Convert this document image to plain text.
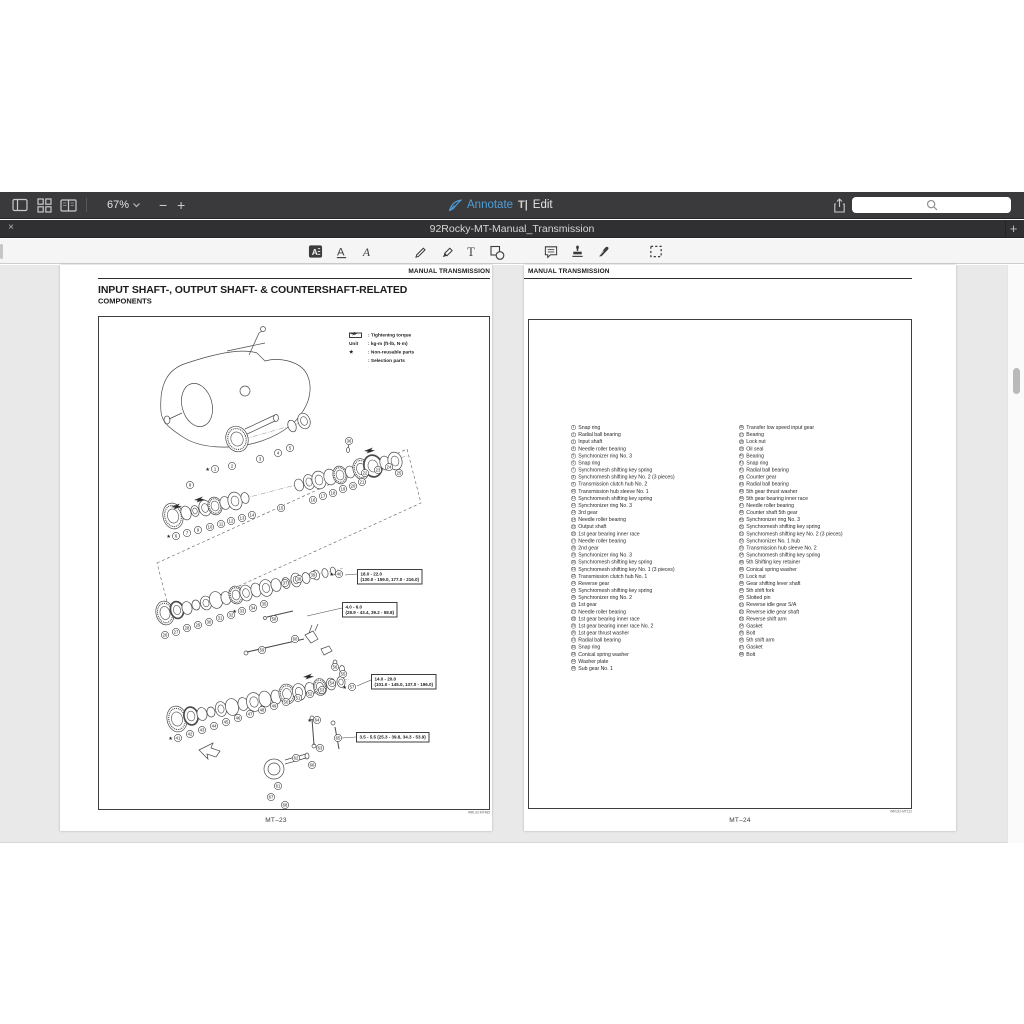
67%	− +	Annotate T| Edit
×	92Rocky-MT-Manual_Transmission	+
A A A	T
MANUAL TRANSMISSION
INPUT SHAFT-, OUTPUT SHAFT- & COUNTERSHAFT-RELATED
COMPONENTS
1
★
2
3
4
5
6
★
7
8
9
10
11
12
13
14
15
16
17
18
19
20
21
22
23
24
25
26
27
28
29
30
31
32
33
★
34
35
36
37
38
39	40
★
41
★
42
43
44
45
46
47
48
49
50
51
52
53
54
55
56
57
★
58
59
60
61
62
63
64
★
65
66
67
68
: Tightening torque
Unit	: kg-m (ft-lb, N·m)
★	: Non-reusable parts
: Selection parts
18.0 - 22.0
(130.0 - 159.0, 177.0 - 216.0)
4.0 - 6.0
(28.9 - 43.4, 39.2 - 58.8)
14.0 - 20.0
(101.0 - 145.0, 137.0 - 196.0)
3.5 - 5.5 (25.3 - 39.8, 34.3 - 53.9)
WRL92-MT485
MT–23
MANUAL TRANSMISSION
1 Snap ring
2 Radial ball bearing
3 Input shaft
4 Needle roller bearing
5 Synchronizer ring No. 3
6 Snap ring
7 Synchromesh shifting key spring
8 Synchromesh shifting key No. 2 (3 pieces)
9 Transmission clutch hub No. 2
10 Transmission hub sleeve No. 1
11 Synchromesh shifting key spring
12 Synchronizer ring No. 3
13 3rd gear
14 Needle roller bearing
15 Output shaft
16 1st gear bearing inner race
17 Needle roller bearing
18 2nd gear
19 Synchronizer ring No. 3
20 Synchromesh shifting key spring
21 Synchromesh shifting key No. 1 (3 pieces)
22 Transmission clutch hub No. 1
23 Reverse gear
24 Synchromesh shifting key spring
25 Synchronizer ring No. 2
26 1st gear
27 Needle roller bearing
28 1st gear bearing inner race
29 1st gear bearing inner race No. 2
30 1st gear thrust washer
31 Radial ball bearing
32 Snap ring
33 Conical spring washer
34 Washer plate
35 Sub gear No. 1
36 Transfer low speed input gear
37 Bearing
38 Lock nut
39 Oil seal
40 Bearing
41 Snap ring
42 Radial ball bearing
43 Counter gear
44 Radial ball bearing
45 5th gear thrust washer
46 5th gear bearing inner race
47 Needle roller bearing
48 Counter shaft 5th gear
49 Synchronizer ring No. 3
50 Synchromesh shifting key spring
51 Synchromesh shifting key No. 2 (3 pieces)
52 Synchronizer No. 1 hub
53 Transmission hub sleeve No. 2
54 Synchromesh shifting key spring
55 5th Shifting key retainer
56 Conical spring washer
57 Lock nut
58 Gear shifting lever shaft
59 5th shift fork
60 Slotted pin
61 Reverse idle gear S/A
62 Reverse idle gear shaft
63 Reverse shift arm
64 Gasket
65 Bolt
66 5th shift arm
67 Gasket
68 Bolt
WRL92-MT112
MT–24
